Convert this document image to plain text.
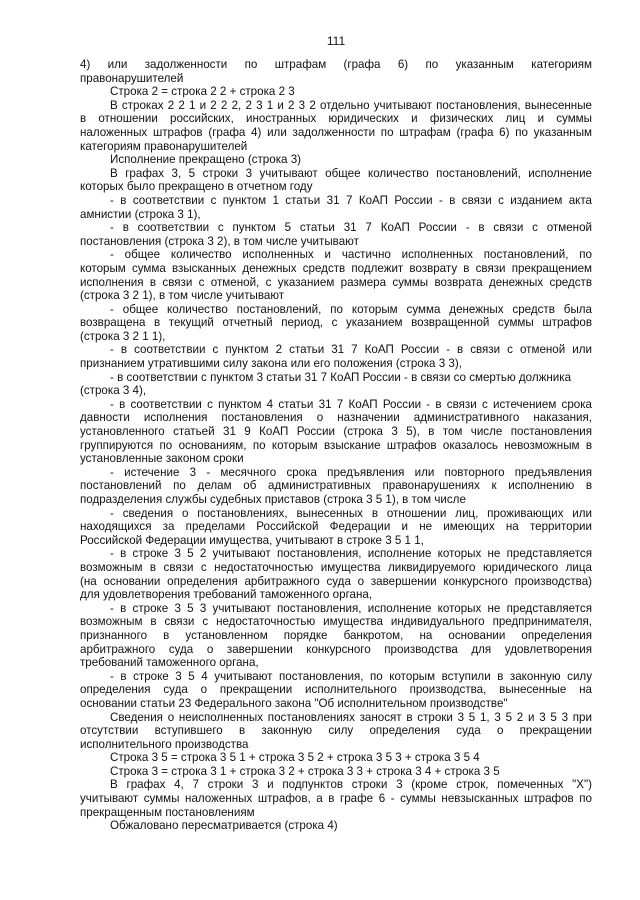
111
4) или задолженности по штрафам (графа 6) по указанным категориям
правонарушителей
Строка 2 = строка 2 2 + строка 2 3
В строках 2 2 1 и 2 2 2, 2 3 1 и 2 3 2 отдельно учитывают постановления, вынесенные
в отношении российских, иностранных юридических и физических лиц и суммы
наложенных штрафов (графа 4) или задолженности по штрафам (графа 6) по указанным
категориям правонарушителей
Исполнение прекращено (строка 3)
В графах 3, 5 строки 3 учитывают общее количество постановлений, исполнение
которых было прекращено в отчетном году
- в соответствии с пунктом 1 статьи 31 7 КоАП России - в связи с изданием акта
амнистии (строка 3 1),
- в соответствии с пунктом 5 статьи 31 7 КоАП России - в связи с отменой
постановления (строка 3 2), в том числе учитывают
- общее количество исполненных и частично исполненных постановлений, по
которым сумма взысканных денежных средств подлежит возврату в связи прекращением
исполнения в связи с отменой, с указанием размера суммы возврата денежных средств
(строка 3 2 1), в том числе учитывают
- общее количество постановлений, по которым сумма денежных средств была
возвращена в текущий отчетный период, с указанием возвращенной суммы штрафов
(строка 3 2 1 1),
- в соответствии с пунктом 2 статьи 31 7 КоАП России - в связи с отменой или
признанием утратившими силу закона или его положения (строка 3 3),
- в соответствии с пунктом 3 статьи 31 7 КоАП России - в связи со смертью должника
(строка 3 4),
- в соответствии с пунктом 4 статьи 31 7 КоАП России - в связи с истечением срока
давности исполнения постановления о назначении административного наказания,
установленного статьей 31 9 КоАП России (строка 3 5), в том числе постановления
группируются по основаниям, по которым взыскание штрафов оказалось невозможным в
установленные законом сроки
- истечение 3 - месячного срока предъявления или повторного предъявления
постановлений по делам об административных правонарушениях к исполнению в
подразделения службы судебных приставов (строка 3 5 1), в том числе
- сведения о постановлениях, вынесенных в отношении лиц, проживающих или
находящихся за пределами Российской Федерации и не имеющих на территории
Российской Федерации имущества, учитывают в строке 3 5 1 1,
- в строке 3 5 2 учитывают постановления, исполнение которых не представляется
возможным в связи с недостаточностью имущества ликвидируемого юридического лица
(на основании определения арбитражного суда о завершении конкурсного производства)
для удовлетворения требований таможенного органа,
- в строке 3 5 3 учитывают постановления, исполнение которых не представляется
возможным в связи с недостаточностью имущества индивидуального предпринимателя,
признанного в установленном порядке банкротом, на основании определения
арбитражного суда о завершении конкурсного производства для удовлетворения
требований таможенного органа,
- в строке 3 5 4 учитывают постановления, по которым вступили в законную силу
определения суда о прекращении исполнительного производства, вынесенные на
основании статьи 23 Федерального закона "Об исполнительном производстве"
Сведения о неисполненных постановлениях заносят в строки 3 5 1, 3 5 2 и 3 5 3 при
отсутствии вступившего в законную силу определения суда о прекращении
исполнительного производства
Строка 3 5 = строка 3 5 1 + строка 3 5 2 + строка 3 5 3 + строка 3 5 4
Строка 3 = строка 3 1 + строка 3 2 + строка 3 3 + строка 3 4 + строка 3 5
В графах 4, 7 строки 3 и подпунктов строки 3 (кроме строк, помеченных "Х")
учитывают суммы наложенных штрафов, а в графе 6 - суммы невзысканных штрафов по
прекращенным постановлениям
Обжаловано пересматривается (строка 4)
